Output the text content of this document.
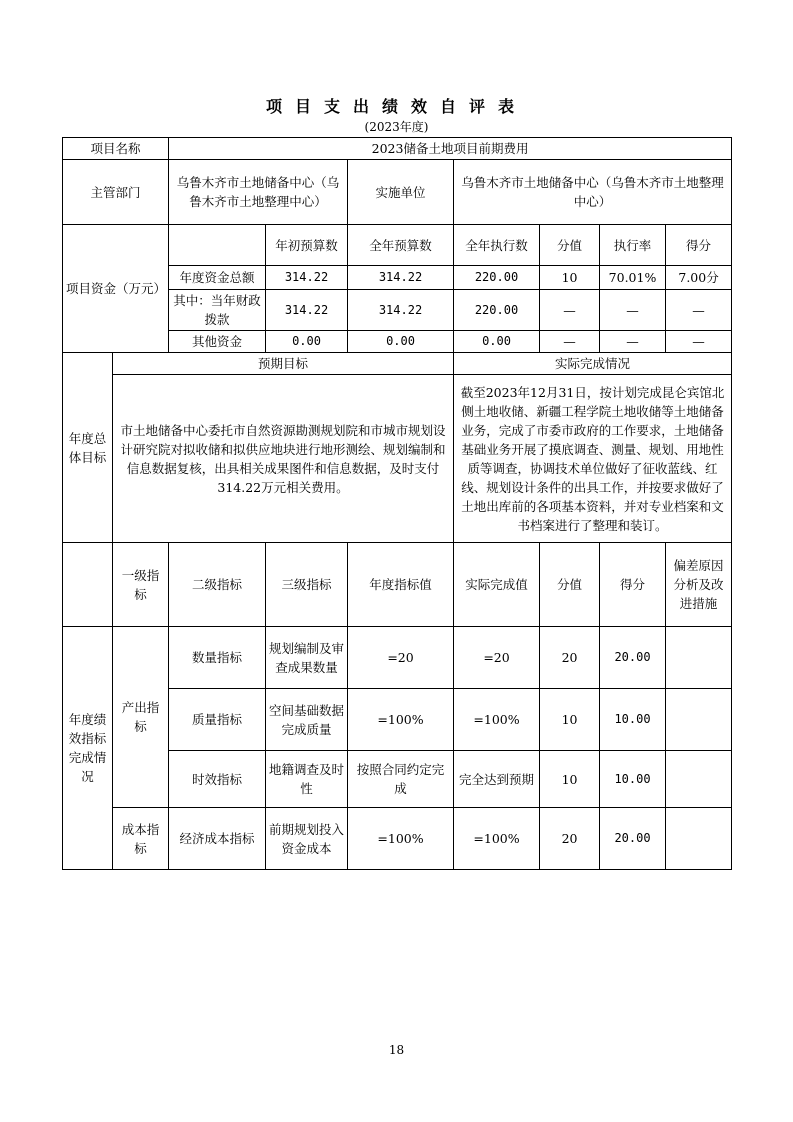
项目支出绩效自评表
(2023年度)
项目名称		2023储备土地项目前期费用						
主管部门		乌鲁木齐市土地储备中心（乌鲁木齐市土地整理中心）		实施单位	乌鲁木齐市土地储备中心（乌鲁木齐市土地整理中心）			
项目资金（万元）			年初预算数	全年预算数	全年执行数	分值	执行率	得分
		年度资金总额	314.22	314.22	220.00	10	70.01%	7.00分
		其中：当年财政拨款	314.22	314.22	220.00	—	—	—
		其他资金	0.00	0.00	0.00	—	—	—
年度总体目标	预期目标				实际完成情况			
	市土地储备中心委托市自然资源勘测规划院和市城市规划设计研究院对拟收储和拟供应地块进行地形测绘、规划编制和信息数据复核，出具相关成果图件和信息数据，及时支付314.22万元相关费用。				截至2023年12月31日，按计划完成昆仑宾馆北侧土地收储、新疆工程学院土地收储等土地储备业务，完成了市委市政府的工作要求，土地储备基础业务开展了摸底调查、测量、规划、用地性质等调查，协调技术单位做好了征收蓝线、红线、规划设计条件的出具工作，并按要求做好了土地出库前的各项基本资料，并对专业档案和文书档案进行了整理和装订。			
	一级指标	二级指标	三级指标	年度指标值	实际完成值	分值	得分	偏差原因分析及改进措施
年度绩效指标完成情况	产出指标	数量指标	规划编制及审查成果数量	=20	=20	20	20.00	
		质量指标	空间基础数据完成质量	=100%	=100%	10	10.00	
		时效指标	地籍调查及时性	按照合同约定完成	完全达到预期	10	10.00	
	成本指标	经济成本指标	前期规划投入资金成本	=100%	=100%	20	20.00	
18
